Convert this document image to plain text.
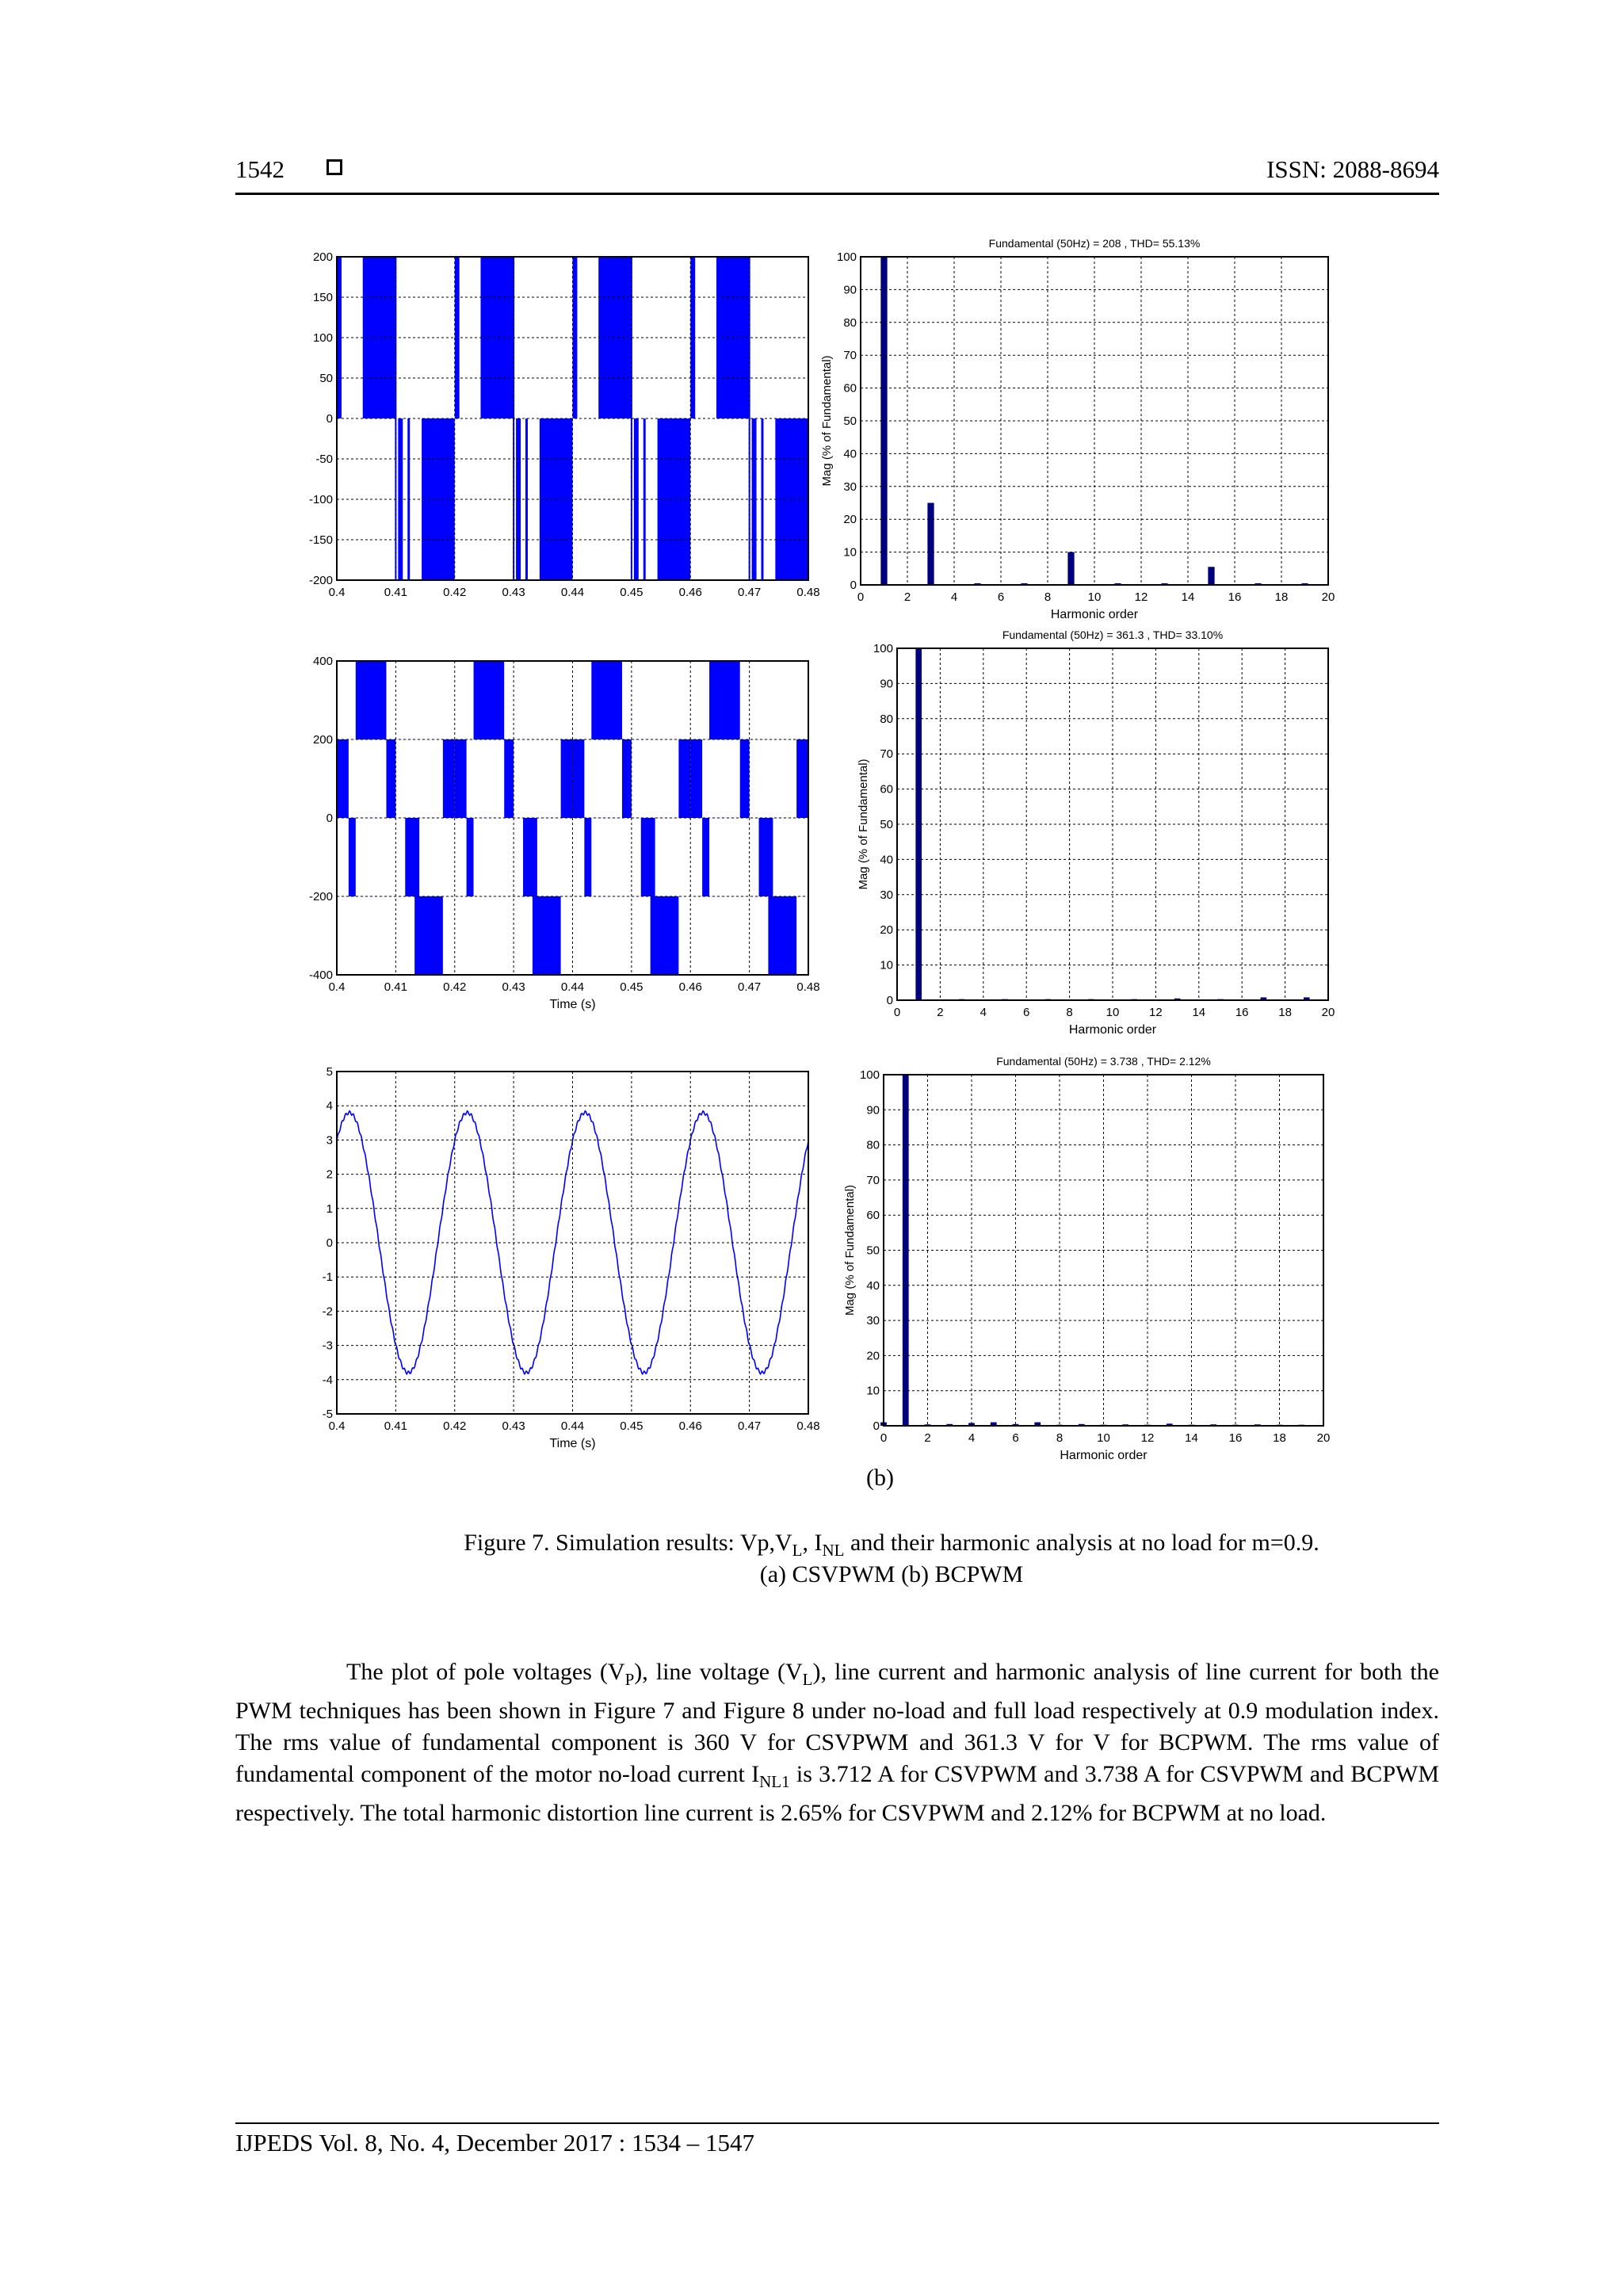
1542	ISSN: 2088-8694
0.4	0.41	0.42	0.43	0.44	0.45	0.46	0.47	0.48
200
150
100
50
0
-50
-100
-150
-200
0	2	4	6	8	10	12	14	16	18	20
100
90
80
70
60
50
40
30
20
10
0
Harmonic order
Mag (% of Fundamental)
Fundamental (50Hz) = 208 , THD= 55.13%
0.4	0.41	0.42	0.43	0.44	0.45	0.46	0.47	0.48
400
200
0
-200
-400
Time (s)
0	2	4	6	8	10	12	14	16	18	20
100
90
80
70
60
50
40
30
20
10
0
Harmonic order
Mag (% of Fundamental)
Fundamental (50Hz) = 361.3 , THD= 33.10%
0.4	0.41	0.42	0.43	0.44	0.45	0.46	0.47	0.48
5
4
3
2
1
0
-1
-2
-3
-4
-5
Time (s)	0	2	4	6	8	10	12	14	16	18	20
100
90
80
70
60
50
40
30
20
10
0
Harmonic order
Mag (% of Fundamental)
Fundamental (50Hz) = 3.738 , THD= 2.12%
(b)
Figure 7. Simulation results: $Vp,V_L$, $I_{NL}$ and their harmonic analysis at no load for m=0.9.
(a) CSVPWM (b) BCPWM

The plot of pole voltages $(V_P)$, line voltage $(V_L)$, line current and harmonic analysis of line current for both the PWM techniques has been shown in Figure 7 and Figure 8 under no-load and full load respectively at 0.9 modulation index. The rms value of fundamental component is 360 V for CSVPWM and 361.3 V for V for BCPWM. The rms value of fundamental component of the motor no-load current $I_{NL1}$ is 3.712 A for CSVPWM and 3.738 A for CSVPWM and BCPWM respectively. The total harmonic distortion line current is 2.65% for CSVPWM and 2.12% for BCPWM at no load.

IJPEDS Vol. 8, No. 4, December 2017 : 1534 – 1547
